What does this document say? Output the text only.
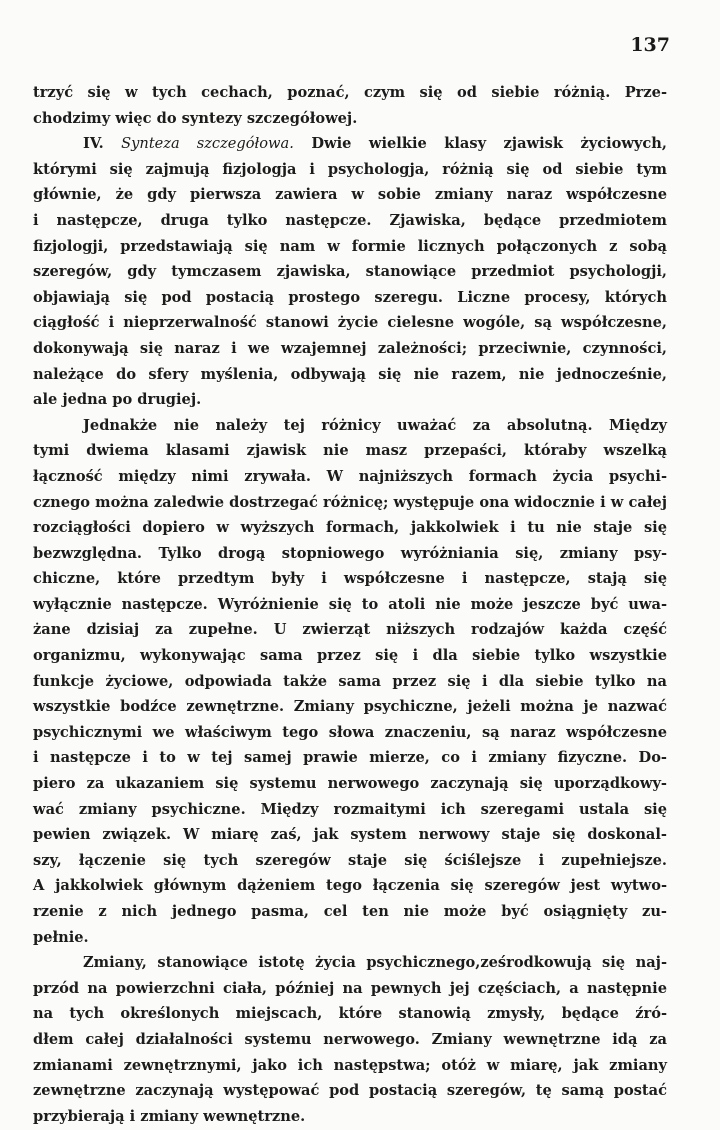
137
trzyć się w tych cechach, poznać, czym się od siebie różnią. Prze-
chodzimy więc do syntezy szczegółowej.
IV. Synteza szczegółowa. Dwie wielkie klasy zjawisk życiowych,
którymi się zajmują fizjologja i psychologja, różnią się od siebie tym
głównie, że gdy pierwsza zawiera w sobie zmiany naraz współczesne
i następcze, druga tylko następcze. Zjawiska, będące przedmiotem
fizjologji, przedstawiają się nam w formie licznych połączonych z sobą
szeregów, gdy tymczasem zjawiska, stanowiące przedmiot psychologji,
objawiają się pod postacią prostego szeregu. Liczne procesy, których
ciągłość i nieprzerwalność stanowi życie cielesne wogóle, są współczesne,
dokonywają się naraz i we wzajemnej zależności; przeciwnie, czynności,
należące do sfery myślenia, odbywają się nie razem, nie jednocześnie,
ale jedna po drugiej.
Jednakże nie należy tej różnicy uważać za absolutną. Między
tymi dwiema klasami zjawisk nie masz przepaści, któraby wszelką
łączność między nimi zrywała. W najniższych formach życia psychi-
cznego można zaledwie dostrzegać różnicę; występuje ona widocznie i w całej
rozciągłości dopiero w wyższych formach, jakkolwiek i tu nie staje się
bezwzględna. Tylko drogą stopniowego wyróżniania się, zmiany psy-
chiczne, które przedtym były i współczesne i następcze, stają się
wyłącznie następcze. Wyróżnienie się to atoli nie może jeszcze być uwa-
żane dzisiaj za zupełne. U zwierząt niższych rodzajów każda część
organizmu, wykonywając sama przez się i dla siebie tylko wszystkie
funkcje życiowe, odpowiada także sama przez się i dla siebie tylko na
wszystkie bodźce zewnętrzne. Zmiany psychiczne, jeżeli można je nazwać
psychicznymi we właściwym tego słowa znaczeniu, są naraz współczesne
i następcze i to w tej samej prawie mierze, co i zmiany fizyczne. Do-
piero za ukazaniem się systemu nerwowego zaczynają się uporządkowy-
wać zmiany psychiczne. Między rozmaitymi ich szeregami ustala się
pewien związek. W miarę zaś, jak system nerwowy staje się doskonal-
szy, łączenie się tych szeregów staje się ściślejsze i zupełniejsze.
A jakkolwiek głównym dążeniem tego łączenia się szeregów jest wytwo-
rzenie z nich jednego pasma, cel ten nie może być osiągnięty zu-
pełnie.
Zmiany, stanowiące istotę życia psychicznego,ześrodkowują się naj-
przód na powierzchni ciała, później na pewnych jej częściach, a następnie
na tych określonych miejscach, które stanowią zmysły, będące źró-
dłem całej działalności systemu nerwowego. Zmiany wewnętrzne idą za
zmianami zewnętrznymi, jako ich następstwa; otóż w miarę, jak zmiany
zewnętrzne zaczynają występować pod postacią szeregów, tę samą postać
przybierają i zmiany wewnętrzne.
